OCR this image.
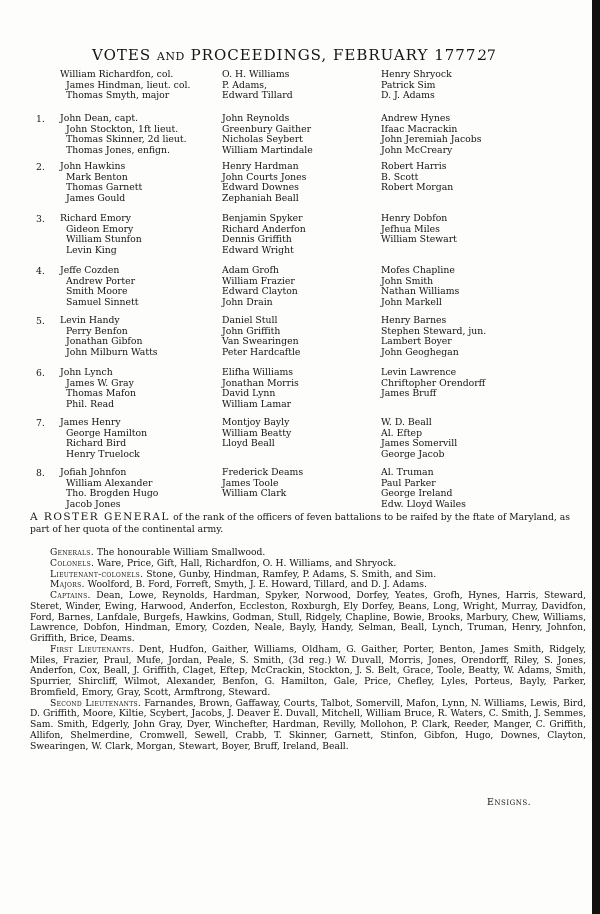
VOTES AND PROCEEDINGS, FEBRUARY 1777.
27
William Richardfon, col.
James Hindman, lieut. col.
Thomas Smyth, major
O. H. Williams
P. Adams,
Edward Tillard
Henry Shryock
Patrick Sim
D. J. Adams
1. John Dean, capt.
John Stockton, 1ft lieut.
Thomas Skinner, 2d lieut.
Thomas Jones, enfign.
John Reynolds
Greenbury Gaither
Nicholas Seybert
William Martindale
Andrew Hynes
Ifaac Macrackin
John Jeremiah Jacobs
John McCreary
2. John Hawkins
Mark Benton
Thomas Garnett
James Gould
Henry Hardman
John Courts Jones
Edward Downes
Zephaniah Beall
Robert Harris
B. Scott
Robert Morgan
3. Richard Emory
Gideon Emory
William Stunfon
Levin King
Benjamin Spyker
Richard Anderfon
Dennis Griffith
Edward Wright
Henry Dobfon
Jefhua Miles
William Stewart
4. Jeffe Cozden
Andrew Porter
Smith Moore
Samuel Sinnett
Adam Grofh
William Frazier
Edward Clayton
John Drain
Mofes Chapline
John Smith
Nathan Williams
John Markell
5. Levin Handy
Perry Benfon
Jonathan Gibfon
John Milburn Watts
Daniel Stull
John Griffith
Van Swearingen
Peter Hardcaftle
Henry Barnes
Stephen Steward, jun.
Lambert Boyer
John Geoghegan
6. John Lynch
James W. Gray
Thomas Mafon
Phil. Read
Elifha Williams
Jonathan Morris
David Lynn
William Lamar
Levin Lawrence
Chriftopher Orendorff
James Bruff
7. James Henry
George Hamilton
Richard Bird
Henry Truelock
Montjoy Bayly
William Beatty
Lloyd Beall
W. D. Beall
Al. Eftep
James Somervill
George Jacob
8. Jofiah Johnfon
William Alexander
Tho. Brogden Hugo
Jacob Jones
Frederick Deams
James Toole
William Clark
Al. Truman
Paul Parker
George Ireland
Edw. Lloyd Wailes
A ROSTER GENERAL of the rank of the officers of feven battalions to be raifed by the ftate of Maryland, as part of her quota of the continental army.

Generals. The honourable William Smallwood.

Colonels. Ware, Price, Gift, Hall, Richardfon, O. H. Williams, and Shryock.

Lieutenant-colonels. Stone, Gunby, Hindman, Ramfey, P. Adams, S. Smith, and Sim.

Majors. Woolford, B. Ford, Forreft, Smyth, J. E. Howard, Tillard, and D. J. Adams.

Captains. Dean, Lowe, Reynolds, Hardman, Spyker, Norwood, Dorfey, Yeates, Grofh, Hynes, Harris, Steward, Steret, Winder, Ewing, Harwood, Anderfon, Eccleston, Roxburgh, Ely Dorfey, Beans, Long, Wright, Murray, Davidfon, Ford, Barnes, Lanfdale, Burgefs, Hawkins, Godman, Stull, Ridgely, Chapline, Bowie, Brooks, Marbury, Chew, Williams, Lawrence, Dobfon, Hindman, Emory, Cozden, Neale, Bayly, Handy, Selman, Beall, Lynch, Truman, Henry, Johnfon, Griffith, Brice, Deams.

First Lieutenants. Dent, Hudfon, Gaither, Williams, Oldham, G. Gaither, Porter, Benton, James Smith, Ridgely, Miles, Frazier, Praul, Mufe, Jordan, Peale, S. Smith, (3d reg.) W. Duvall, Morris, Jones, Orendorff, Riley, S. Jones, Anderfon, Cox, Beall, J. Griffith, Claget, Eftep, McCrackin, Stockton, J. S. Belt, Grace, Toole, Beatty, W. Adams, Smith, Spurrier, Shircliff, Wilmot, Alexander, Benfon, G. Hamilton, Gale, Price, Chefley, Lyles, Porteus, Bayly, Parker, Bromfield, Emory, Gray, Scott, Armftrong, Steward.

Second Lieutenants. Farnandes, Brown, Gaffaway, Courts, Talbot, Somervill, Mafon, Lynn, N. Williams, Lewis, Bird, D. Griffith, Moore, Kiltie, Scybert, Jacobs, J. Deaver E. Duvall, Mitchell, William Bruce, R. Waters, C. Smith, J. Semmes, Sam. Smith, Edgerly, John Gray, Dyer, Winchefter, Hardman, Revilly, Mollohon, P. Clark, Reeder, Manger, C. Griffith, Allifon, Shelmerdine, Cromwell, Sewell, Crabb, T. Skinner, Garnett, Stinfon, Gibfon, Hugo, Downes, Clayton, Swearingen, W. Clark, Morgan, Stewart, Boyer, Bruff, Ireland, Beall.

Ensigns.
